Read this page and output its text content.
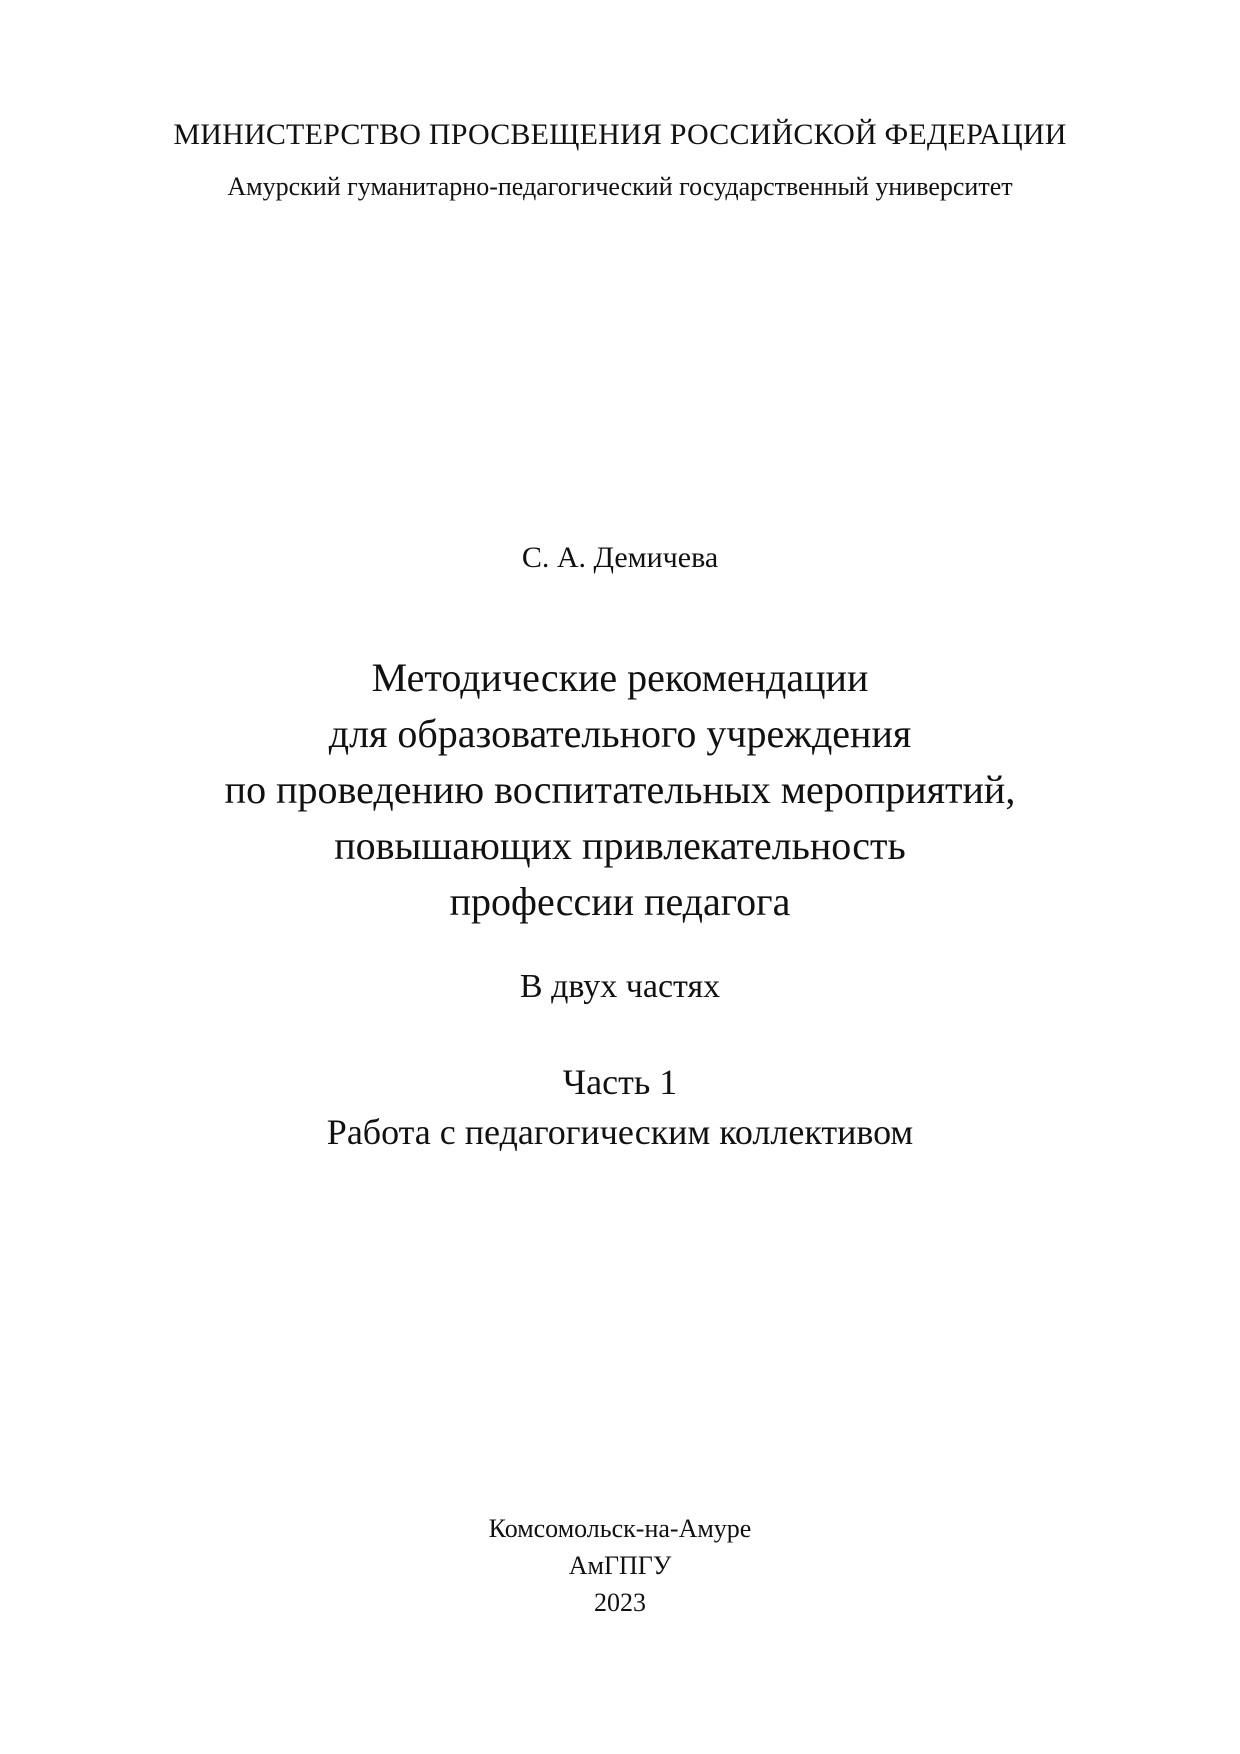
МИНИСТЕРСТВО ПРОСВЕЩЕНИЯ РОССИЙСКОЙ ФЕДЕРАЦИИ
Амурский гуманитарно-педагогический государственный университет
С. А. Демичева
Методические рекомендации
для образовательного учреждения
по проведению воспитательных мероприятий,
повышающих привлекательность
профессии педагога
В двух частях
Часть 1
Работа с педагогическим коллективом
Комсомольск-на-Амуре
АмГПГУ
2023
